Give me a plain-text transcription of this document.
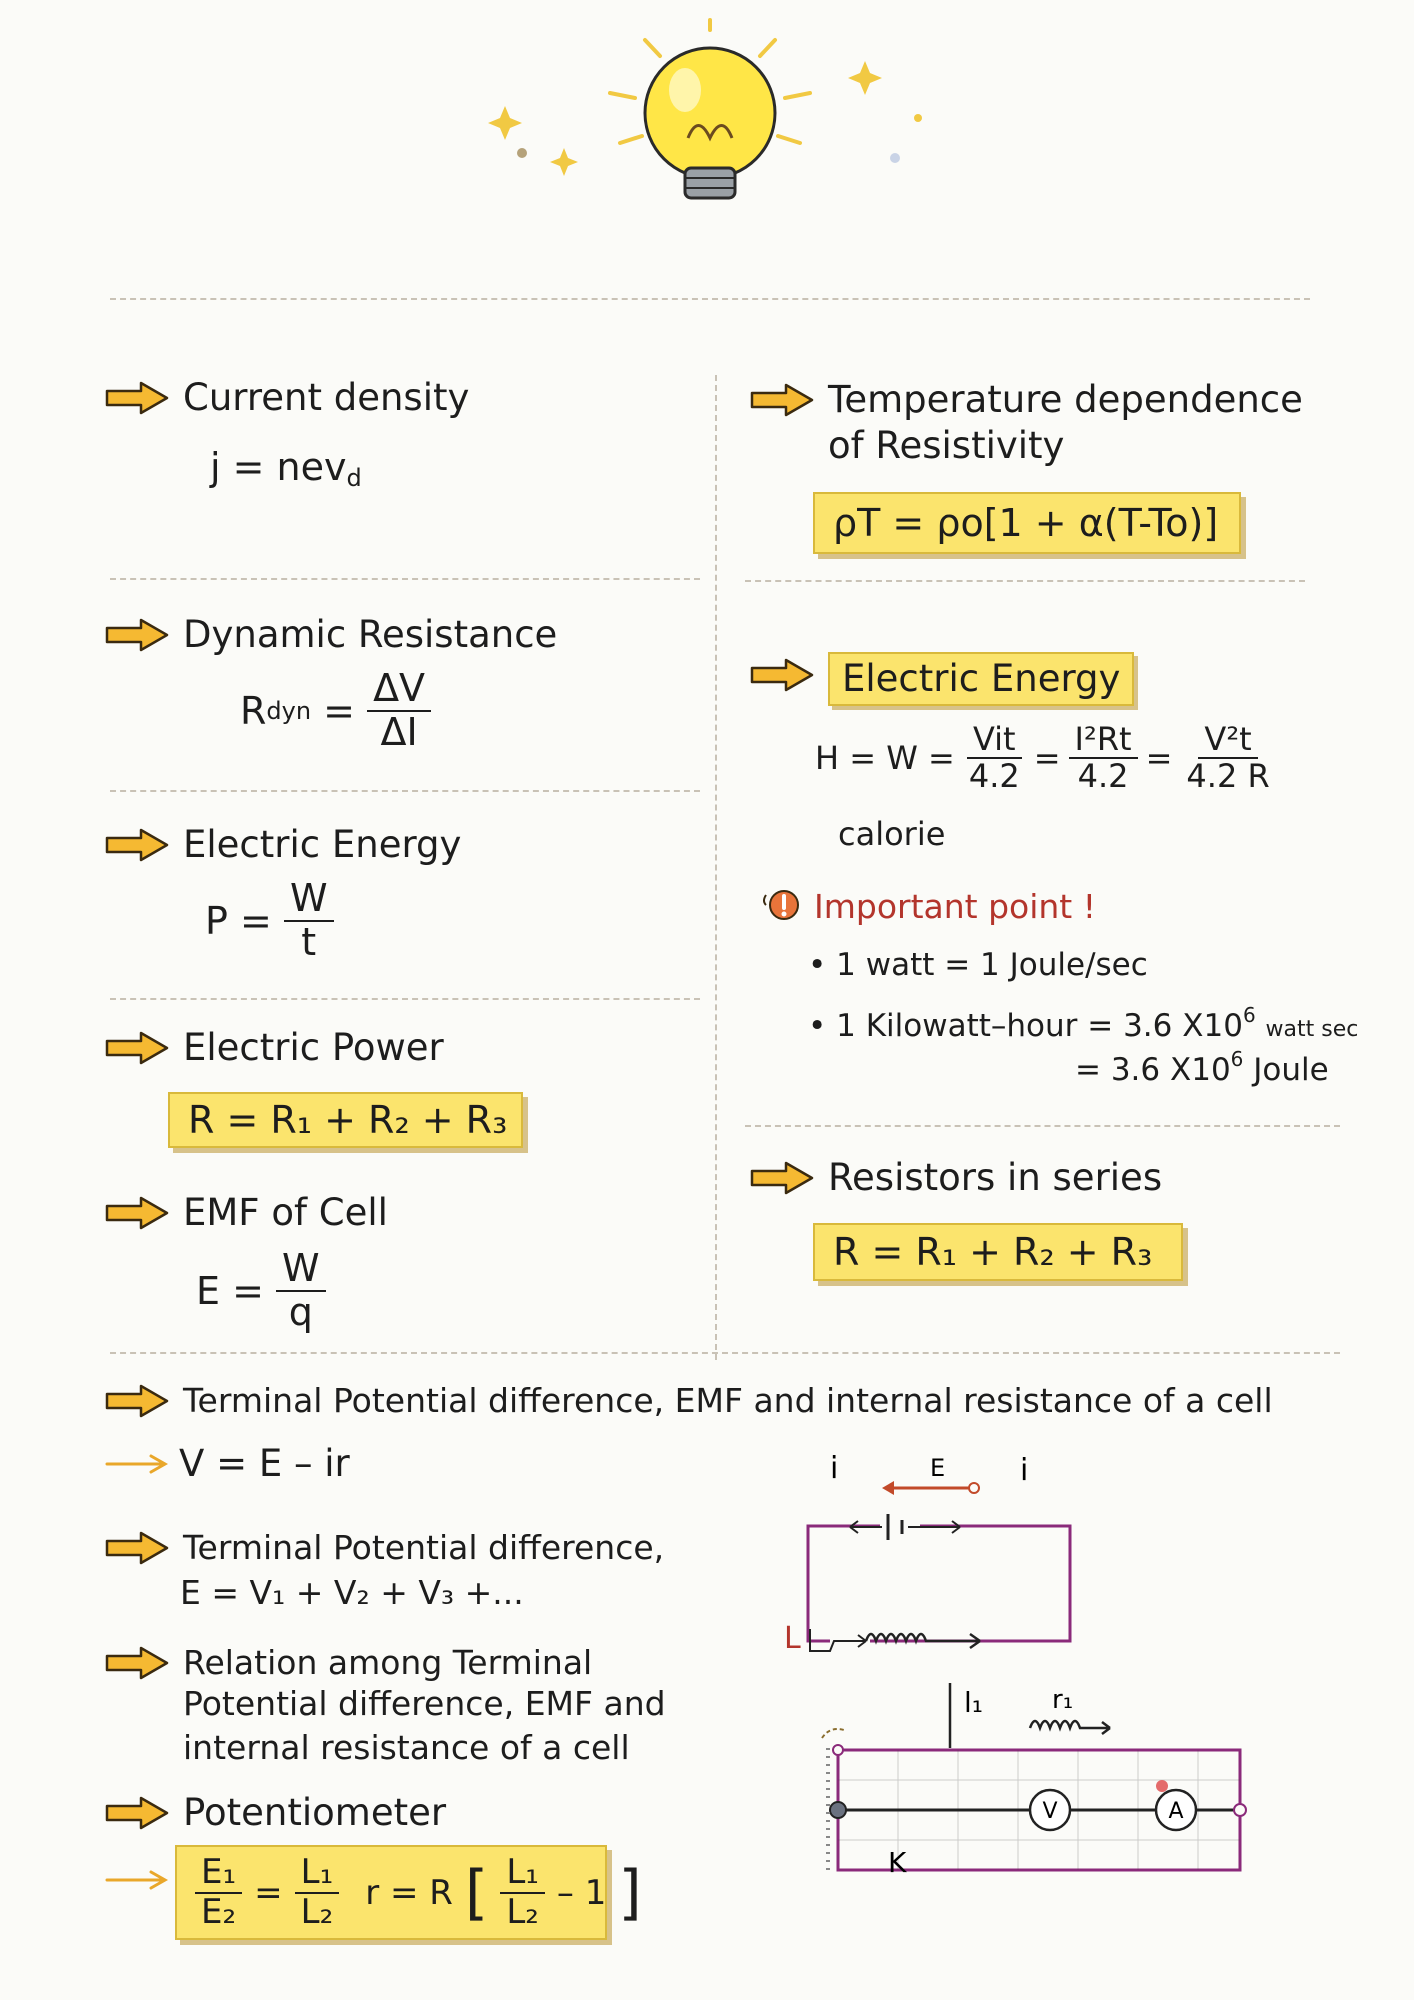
Current density
j = nev$_d$
Dynamic Resistance
R dyn = $\frac{\Delta V}{\Delta I}$
Electric Energy
P =
$\frac{W}{t}$
Electric Power
R = R₁ + R₂ + R₃
EMF of Cell
E =
$\frac{W}{q}$
Temperature dependence
of Resistivity
ρT = ρo[1 + α(T-To)]
Electric Energy
$H = W = \frac{\text{Vit}}{4.2} = \frac{\text{I²Rt}}{4.2} = \frac{\text{V²t}}{4.2 R}$
calorie
Important point !
• 1 watt = 1 Joule/sec
• 1 Kilowatt–hour = 3.6 $X10^6$ watt sec
= 3.6 $X10^6$ Joule
Resistors in series
R = R₁ + R₂ + R₃
Terminal Potential difference, EMF and internal resistance of a cell
V = E – ir
Terminal Potential difference,
E = V₁ + V₂ + V₃ +...
Relation among Terminal
Potential difference, EMF and
internal resistance of a cell
Potentiometer
$\frac{\text{E₁}}{\text{E₂}} = \frac{\text{L₁}}{\text{L₂}}$ r = R [ $\frac{\text{L₁}}{\text{L₂}} - 1$ ]
i	E i
L
l₁	r₁
K
V	A
